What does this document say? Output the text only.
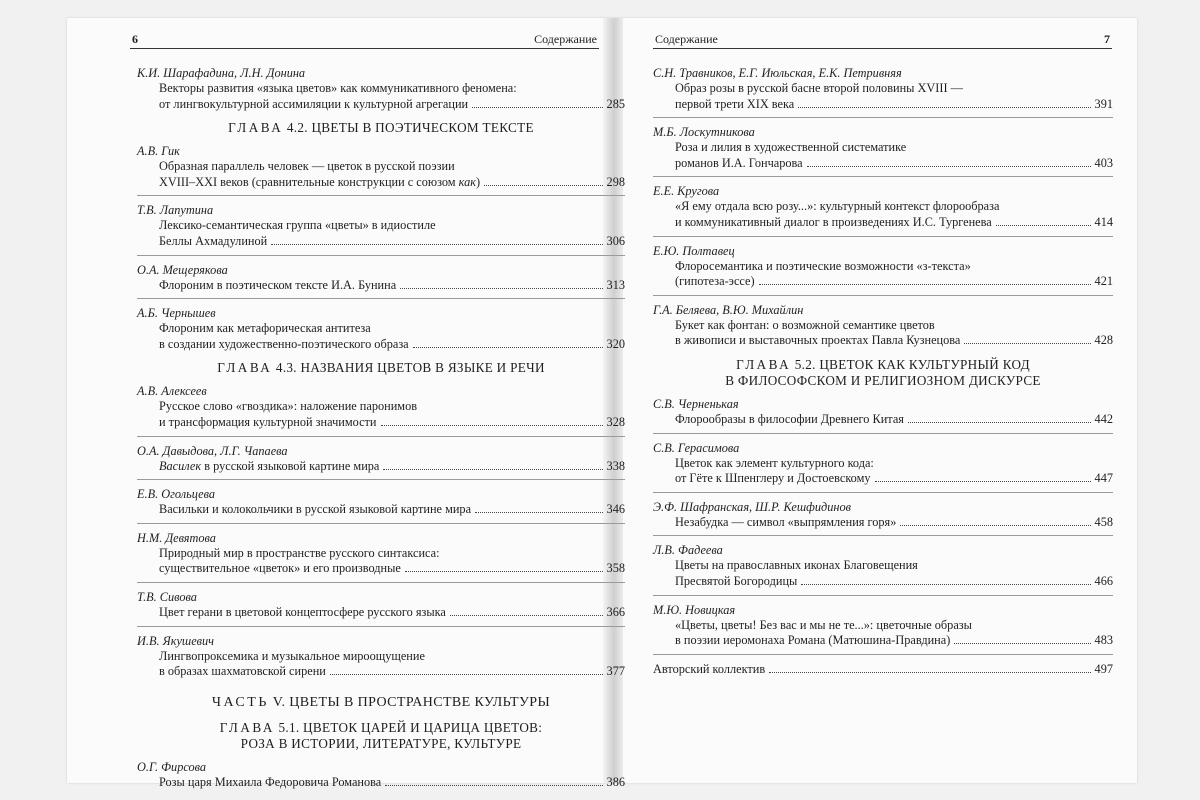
6	Содержание
К.И. Шарафадина, Л.Н. Донина
Векторы развития «языка цветов» как коммуникативного феномена:
от лингвокультурной ассимиляции к культурной агрегации	285
ГЛАВА 4.2. ЦВЕТЫ В ПОЭТИЧЕСКОМ ТЕКСТЕ
А.В. Гик
Образная параллель человек — цветок в русской поэзии
XVIII–XXI веков (сравнительные конструкции с союзом как)	298
Т.В. Лапутина
Лексико-семантическая группа «цветы» в идиостиле
Беллы Ахмадулиной	306
О.А. Мещерякова
Флороним в поэтическом тексте И.А. Бунина	313
А.Б. Чернышев
Флороним как метафорическая антитеза
в создании художественно-поэтического образа	320
ГЛАВА 4.3. НАЗВАНИЯ ЦВЕТОВ В ЯЗЫКЕ И РЕЧИ
А.В. Алексеев
Русское слово «гвоздика»: наложение паронимов
и трансформация культурной значимости	328
О.А. Давыдова, Л.Г. Чапаева
Василек в русской языковой картине мира	338
Е.В. Огольцева
Васильки и колокольчики в русской языковой картине мира	346
Н.М. Девятова
Природный мир в пространстве русского синтаксиса:
существительное «цветок» и его производные	358
Т.В. Сивова
Цвет герани в цветовой концептосфере русского языка	366
И.В. Якушевич
Лингвопроксемика и музыкальное мироощущение
в образах шахматовской сирени	377
ЧАСТЬ V. ЦВЕТЫ В ПРОСТРАНСТВЕ КУЛЬТУРЫ
ГЛАВА 5.1. ЦВЕТОК ЦАРЕЙ И ЦАРИЦА ЦВЕТОВ:
РОЗА В ИСТОРИИ, ЛИТЕРАТУРЕ, КУЛЬТУРЕ
О.Г. Фирсова
Розы царя Михаила Федоровича Романова	386
Содержание	7
С.Н. Травников, Е.Г. Июльская, Е.К. Петривняя
Образ розы в русской басне второй половины XVIII —
первой трети XIX века	391
М.Б. Лоскутникова
Роза и лилия в художественной систематике
романов И.А. Гончарова	403
Е.Е. Кругова
«Я ему отдала всю розу...»: культурный контекст флорообраза
и коммуникативный диалог в произведениях И.С. Тургенева	414
Е.Ю. Полтавец
Флоросемантика и поэтические возможности «з-текста»
(гипотеза-эссе)	421
Г.А. Беляева, В.Ю. Михайлин
Букет как фонтан: о возможной семантике цветов
в живописи и выставочных проектах Павла Кузнецова	428
ГЛАВА 5.2. ЦВЕТОК КАК КУЛЬТУРНЫЙ КОД
В ФИЛОСОФСКОМ И РЕЛИГИОЗНОМ ДИСКУРСЕ
С.В. Черненькая
Флорообразы в философии Древнего Китая	442
С.В. Герасимова
Цветок как элемент культурного кода:
от Гёте к Шпенглеру и Достоевскому	447
Э.Ф. Шафранская, Ш.Р. Кешфидинов
Незабудка — символ «выпрямления горя»	458
Л.В. Фадеева
Цветы на православных иконах Благовещения
Пресвятой Богородицы	466
М.Ю. Новицкая
«Цветы, цветы! Без вас и мы не те...»: цветочные образы
в поэзии иеромонаха Романа (Матюшина-Правдина)	483
Авторский коллектив	497
